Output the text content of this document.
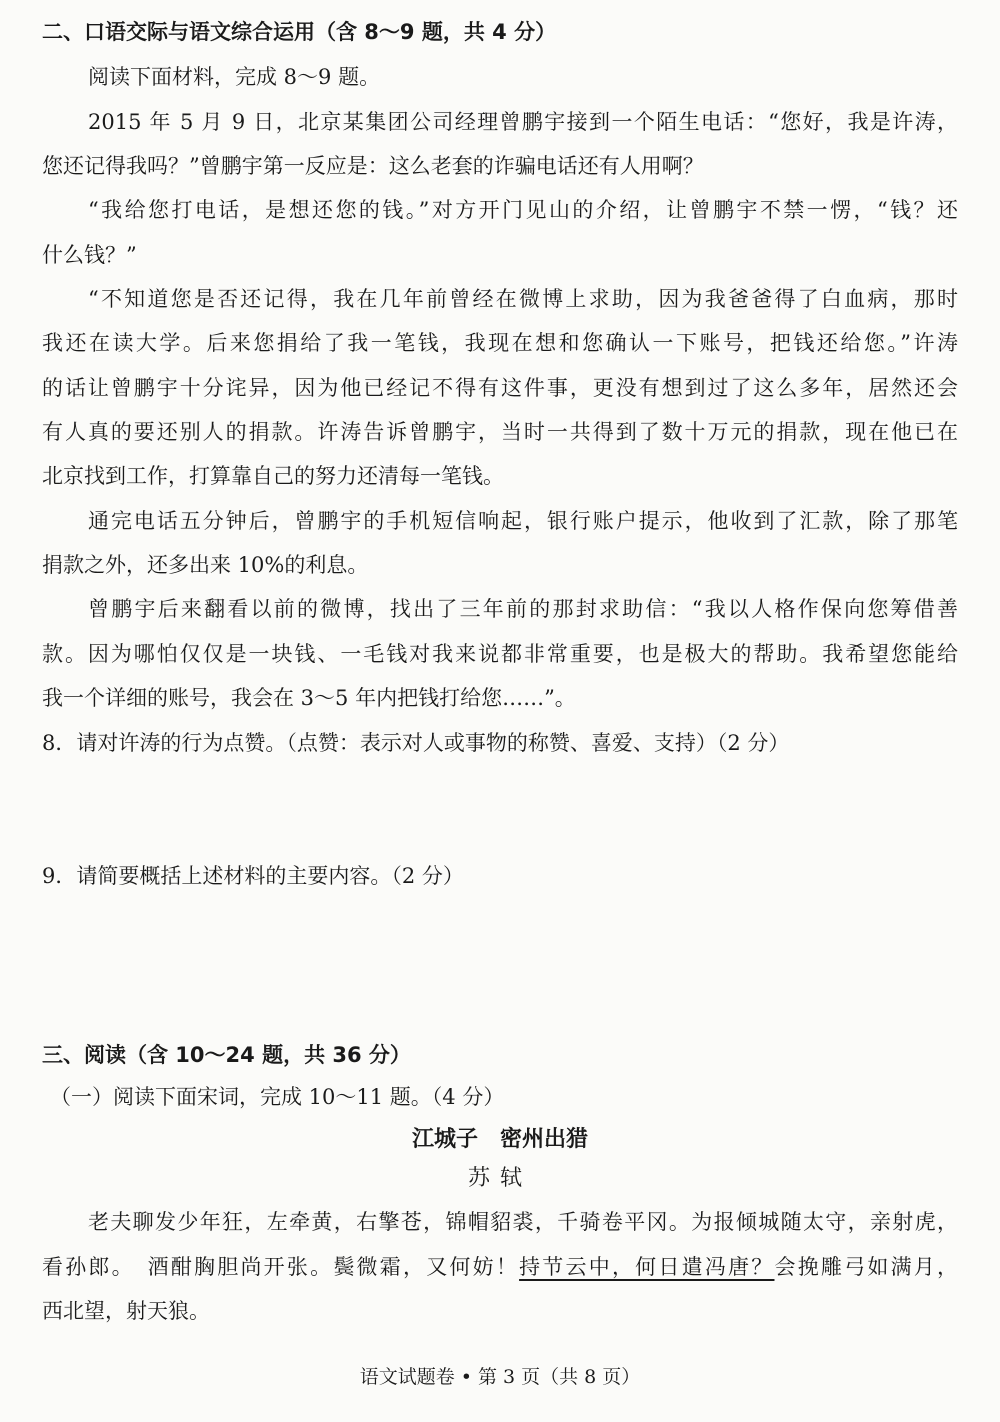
二、口语交际与语文综合运用（含 8～9 题，共 4 分）
阅读下面材料，完成 8～9 题。
2015 年 5 月 9 日，北京某集团公司经理曾鹏宇接到一个陌生电话：“您好，我是许涛，
您还记得我吗？”曾鹏宇第一反应是：这么老套的诈骗电话还有人用啊？
“我给您打电话，是想还您的钱。”对方开门见山的介绍，让曾鹏宇不禁一愣，“钱？还
什么钱？”
“不知道您是否还记得，我在几年前曾经在微博上求助，因为我爸爸得了白血病，那时
我还在读大学。后来您捐给了我一笔钱，我现在想和您确认一下账号，把钱还给您。”许涛
的话让曾鹏宇十分诧异，因为他已经记不得有这件事，更没有想到过了这么多年，居然还会
有人真的要还别人的捐款。许涛告诉曾鹏宇，当时一共得到了数十万元的捐款，现在他已在
北京找到工作，打算靠自己的努力还清每一笔钱。
通完电话五分钟后，曾鹏宇的手机短信响起，银行账户提示，他收到了汇款，除了那笔
捐款之外，还多出来 10%的利息。
曾鹏宇后来翻看以前的微博，找出了三年前的那封求助信：“我以人格作保向您筹借善
款。因为哪怕仅仅是一块钱、一毛钱对我来说都非常重要，也是极大的帮助。我希望您能给
我一个详细的账号，我会在 3～5 年内把钱打给您……”。
8．请对许涛的行为点赞。（点赞：表示对人或事物的称赞、喜爱、支持）（2 分）
9．请简要概括上述材料的主要内容。（2 分）
三、阅读（含 10～24 题，共 36 分）
（一）阅读下面宋词，完成 10～11 题。（4 分）
江城子　密州出猎
苏轼
老夫聊发少年狂，左牵黄，右擎苍，锦帽貂裘，千骑卷平冈。为报倾城随太守，亲射虎，
看孙郎。　酒酣胸胆尚开张。鬓微霜，又何妨！持节云中，何日遣冯唐？会挽雕弓如满月，
西北望，射天狼。
语文试题卷 • 第 3 页（共 8 页）
